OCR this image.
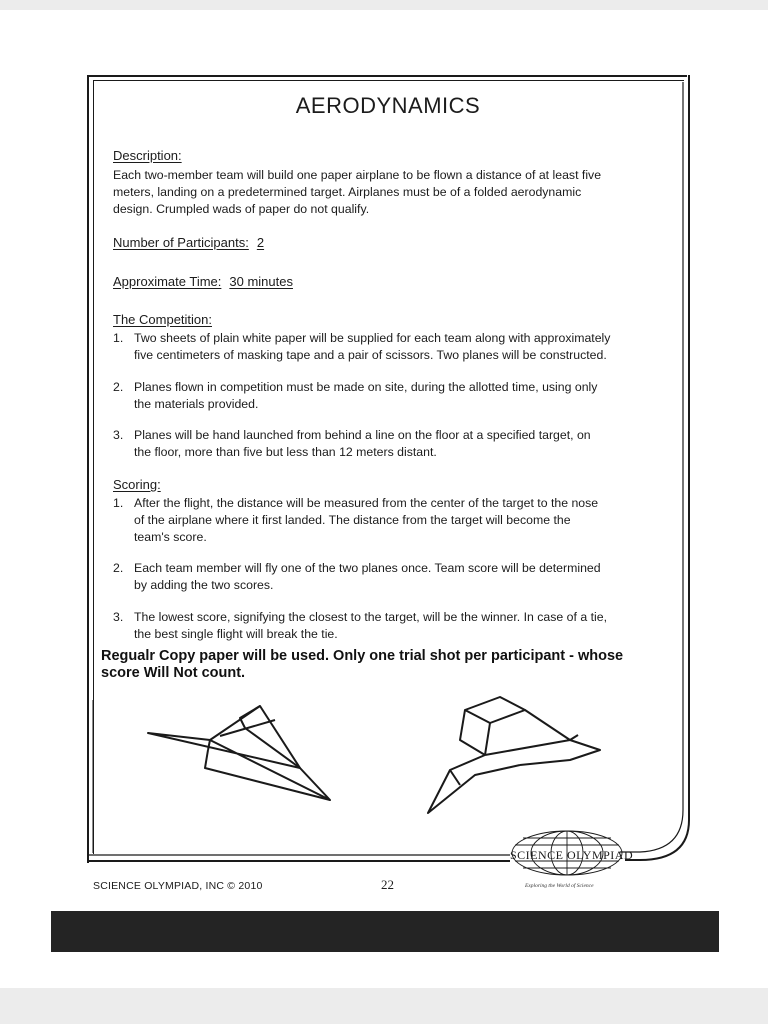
AERODYNAMICS
Description:
Each two-member team will build one paper airplane to be flown a distance of at least five
meters, landing on a predetermined target. Airplanes must be of a folded aerodynamic
design. Crumpled wads of paper do not qualify.
Number of Participants: 2
Approximate Time: 30 minutes
The Competition:
1. Two sheets of plain white paper will be supplied for each team along with approximately
five centimeters of masking tape and a pair of scissors. Two planes will be constructed.
2. Planes flown in competition must be made on site, during the allotted time, using only
the materials provided.
3. Planes will be hand launched from behind a line on the floor at a specified target, on
the floor, more than five but less than 12 meters distant.
Scoring:
1. After the flight, the distance will be measured from the center of the target to the nose
of the airplane where it first landed. The distance from the target will become the
team's score.
2. Each team member will fly one of the two planes once. Team score will be determined
by adding the two scores.
3. The lowest score, signifying the closest to the target, will be the winner. In case of a tie,
the best single flight will break the tie.
Regualr Copy paper will be used. Only one trial shot per participant - whose
score Will Not count.
SCIENCE OLYMPIAD
Exploring the World of Science
SCIENCE OLYMPIAD, INC © 2010	22
